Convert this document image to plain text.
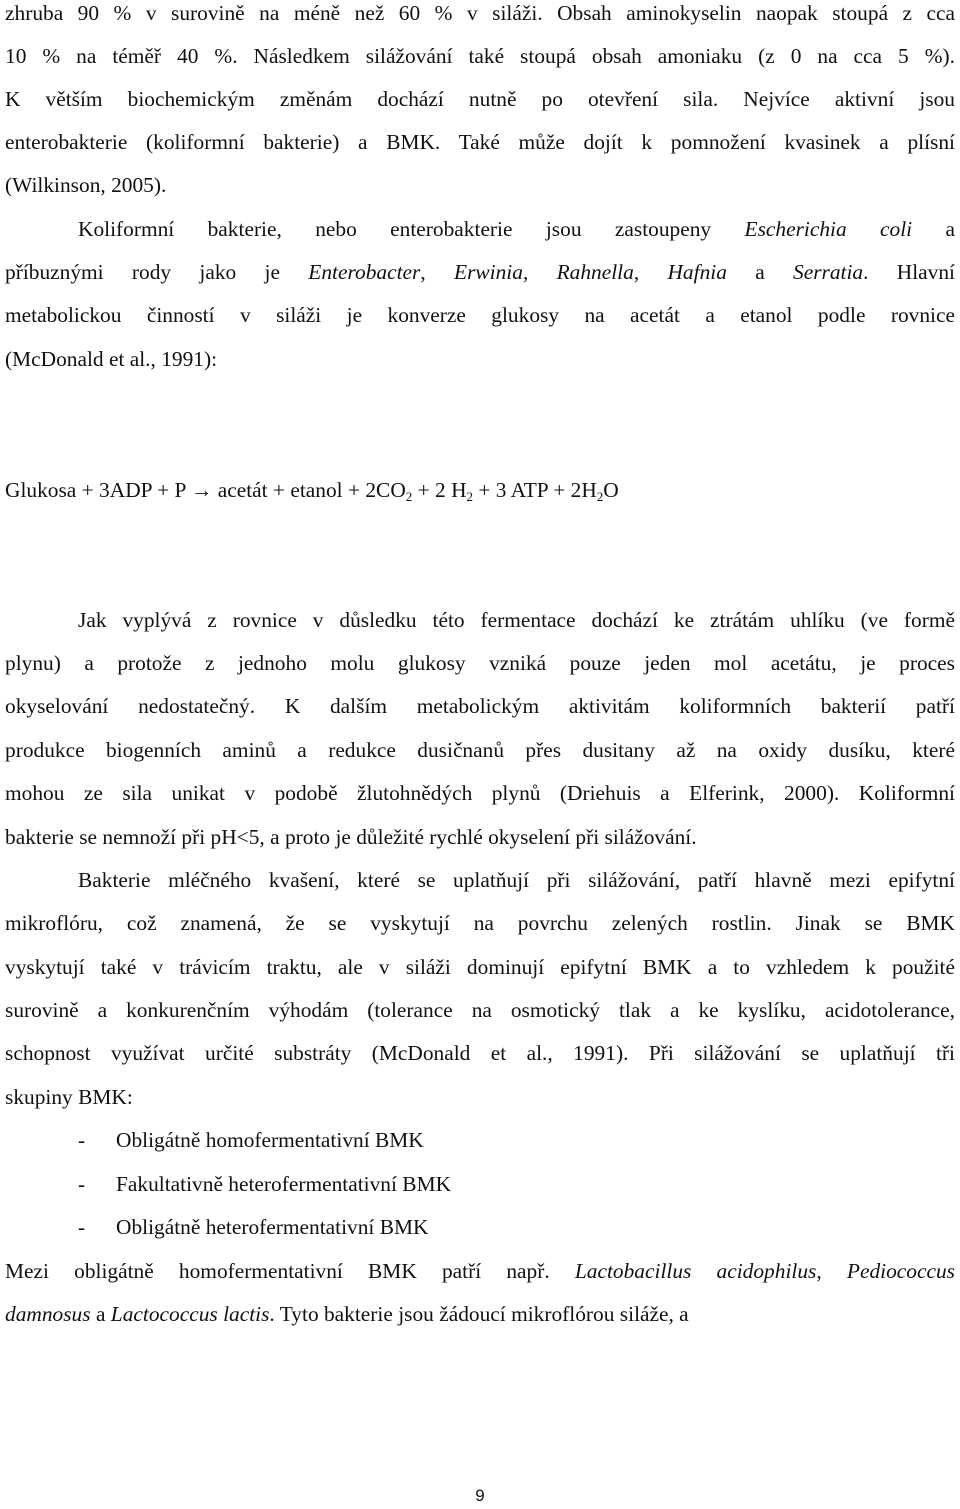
zhruba 90 % v surovině na méně než 60 % v siláži. Obsah aminokyselin naopak stoupá z cca
10 % na téměř 40 %. Následkem silážování také stoupá obsah amoniaku (z 0 na cca 5 %).
K větším biochemickým změnám dochází nutně po otevření sila. Nejvíce aktivní jsou
enterobakterie (koliformní bakterie) a BMK. Také může dojít k pomnožení kvasinek a plísní
(Wilkinson, 2005).
Koliformní bakterie, nebo enterobakterie jsou zastoupeny Escherichia coli a
příbuznými rody jako je Enterobacter, Erwinia, Rahnella, Hafnia a Serratia. Hlavní
metabolickou činností v siláži je konverze glukosy na acetát a etanol podle rovnice
(McDonald et al., 1991):
Glukosa + 3ADP + P → acetát + etanol + $2CO_2 + 2$ $H_2 + 3$ ATP + $2H_2O$
Jak vyplývá z rovnice v důsledku této fermentace dochází ke ztrátám uhlíku (ve formě
plynu) a protože z jednoho molu glukosy vzniká pouze jeden mol acetátu, je proces
okyselování nedostatečný. K dalším metabolickým aktivitám koliformních bakterií patří
produkce biogenních aminů a redukce dusičnanů přes dusitany až na oxidy dusíku, které
mohou ze sila unikat v podobě žlutohnědých plynů (Driehuis a Elferink, 2000). Koliformní
bakterie se nemnoží při pH<5, a proto je důležité rychlé okyselení při silážování.
Bakterie mléčného kvašení, které se uplatňují při silážování, patří hlavně mezi epifytní
mikroflóru, což znamená, že se vyskytují na povrchu zelených rostlin. Jinak se BMK
vyskytují také v trávicím traktu, ale v siláži dominují epifytní BMK a to vzhledem k použité
surovině a konkurenčním výhodám (tolerance na osmotický tlak a ke kyslíku, acidotolerance,
schopnost využívat určité substráty (McDonald et al., 1991). Při silážování se uplatňují tři
skupiny BMK:
- Obligátně homofermentativní BMK
- Fakultativně heterofermentativní BMK
- Obligátně heterofermentativní BMK
Mezi obligátně homofermentativní BMK patří např. Lactobacillus acidophilus, Pediococcus
damnosus a Lactococcus lactis. Tyto bakterie jsou žádoucí mikroflórou siláže, a
9
